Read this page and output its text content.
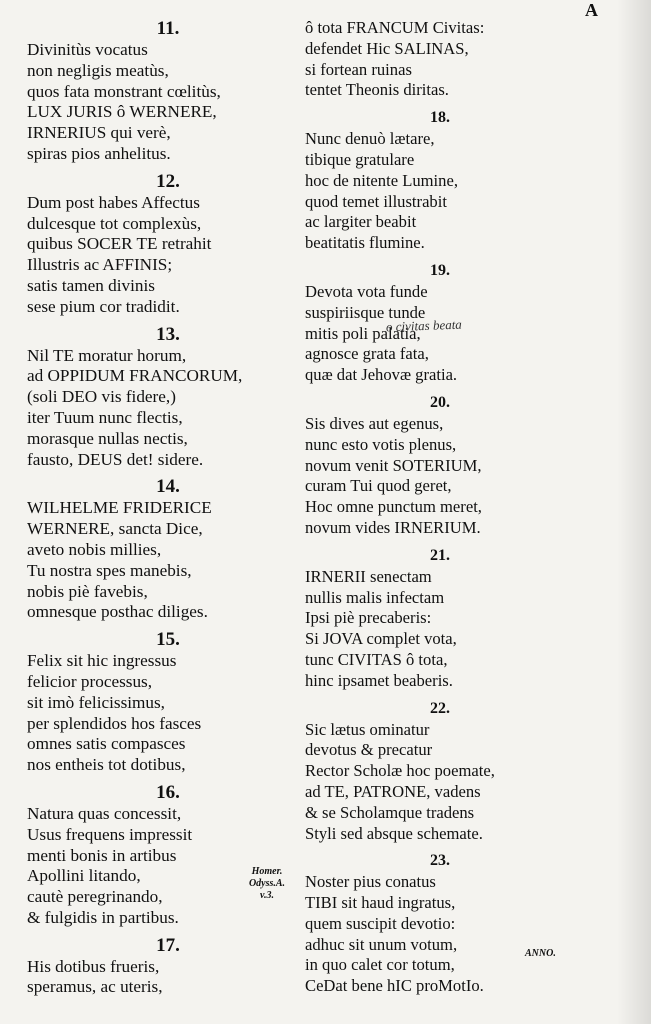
A
11.
Divinitùs vocatus
non negligis meatùs,
quos fata monstrant cœlitùs,
LUX JURIS ô WERNERE,
IRNERIUS qui verè,
spiras pios anhelitus.
12.
Dum post habes Affectus
dulcesque tot complexùs,
quibus SOCER TE retrahit
Illustris ac AFFINIS;
satis tamen divinis
sese pium cor tradidit.
13.
Nil TE moratur horum,
ad OPPIDUM FRANCORUM,
(soli DEO vis fidere,)
iter Tuum nunc flectis,
morasque nullas nectis,
fausto, DEUS det! sidere.
14.
WILHELME FRIDERICE
WERNERE, sancta Dice,
aveto nobis millies,
Tu nostra spes manebis,
nobis piè favebis,
omnesque posthac diliges.
15.
Felix sit hic ingressus
felicior processus,
sit imò felicissimus,
per splendidos hos fasces
omnes satis compasces
nos entheis tot dotibus,
16.
Natura quas concessit,
Usus frequens impressit
menti bonis in artibus
Apollini litando,
cautè peregrinando,
& fulgidis in partibus.
17.
His dotibus frueris,
speramus, ac uteris,
ô tota FRANCUM Civitas:
defendet Hic SALINAS,
si fortean ruinas
tentet Theonis diritas.
18.
Nunc denuò lætare,
tibique gratulare
hoc de nitente Lumine,
quod temet illustrabit
ac largiter beabit
beatitatis flumine.
19.
Devota vota funde
suspiriisque tunde
mitis poli palatia,
agnosce grata fata,
quæ dat Jehovæ gratia.
20.
Sis dives aut egenus,
nunc esto votis plenus,
novum venit SOTERIUM,
curam Tui quod geret,
Hoc omne punctum meret,
novum vides IRNERIUM.
21.
IRNERII senectam
nullis malis infectam
Ipsi piè precaberis:
Si JOVA complet vota,
tunc CIVITAS ô tota,
hinc ipsamet beaberis.
22.
Sic lætus ominatur
devotus & precatur
Rector Scholæ hoc poemate,
ad TE, PATRONE, vadens
& se Scholamque tradens
Styli sed absque schemate.
23.
Noster pius conatus
TIBI sit haud ingratus,
quem suscipit devotio:
adhuc sit unum votum,
in quo calet cor totum,
CeDat bene hIC proMotIo.
o civitas beata
Homer.
Odyss.A.
v.3.
ANNO.
